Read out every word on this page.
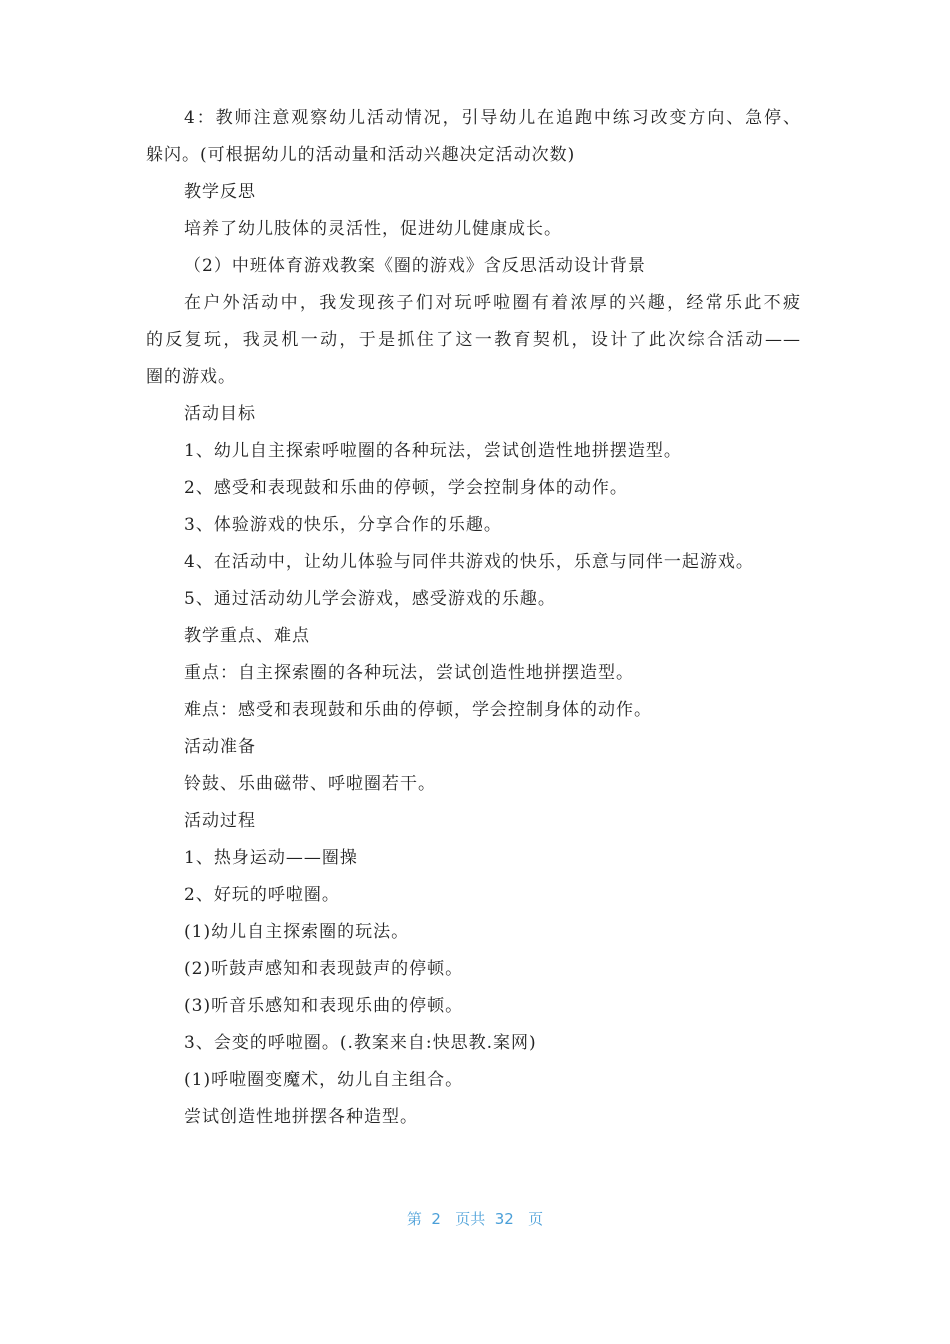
4：教师注意观察幼儿活动情况，引导幼儿在追跑中练习改变方向、急停、
躲闪。(可根据幼儿的活动量和活动兴趣决定活动次数)
教学反思
培养了幼儿肢体的灵活性，促进幼儿健康成长。
（2）中班体育游戏教案《圈的游戏》含反思活动设计背景
在户外活动中，我发现孩子们对玩呼啦圈有着浓厚的兴趣，经常乐此不疲
的反复玩，我灵机一动，于是抓住了这一教育契机，设计了此次综合活动——
圈的游戏。
活动目标
1、幼儿自主探索呼啦圈的各种玩法，尝试创造性地拼摆造型。
2、感受和表现鼓和乐曲的停顿，学会控制身体的动作。
3、体验游戏的快乐，分享合作的乐趣。
4、在活动中，让幼儿体验与同伴共游戏的快乐，乐意与同伴一起游戏。
5、通过活动幼儿学会游戏，感受游戏的乐趣。
教学重点、难点
重点：自主探索圈的各种玩法，尝试创造性地拼摆造型。
难点：感受和表现鼓和乐曲的停顿，学会控制身体的动作。
活动准备
铃鼓、乐曲磁带、呼啦圈若干。
活动过程
1、热身运动——圈操
2、好玩的呼啦圈。
(1)幼儿自主探索圈的玩法。
(2)听鼓声感知和表现鼓声的停顿。
(3)听音乐感知和表现乐曲的停顿。
3、会变的呼啦圈。(.教案来自:快思教.案网)
(1)呼啦圈变魔术，幼儿自主组合。
尝试创造性地拼摆各种造型。
第  2   页共  32   页
